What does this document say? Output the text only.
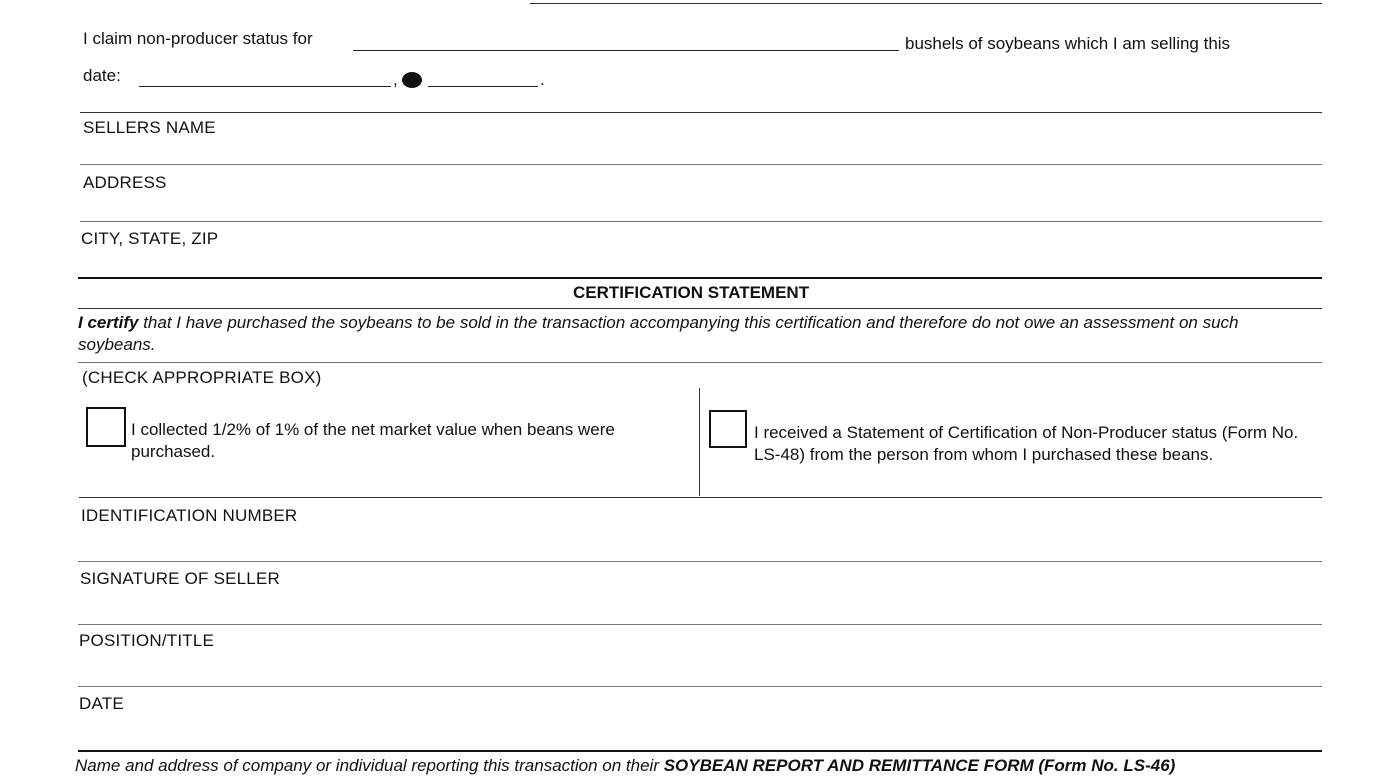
I claim non-producer status for	bushels of soybeans which I am selling this
date:	,	.
SELLERS NAME
ADDRESS
CITY, STATE, ZIP
CERTIFICATION STATEMENT
I certify that I have purchased the soybeans to be sold in the transaction accompanying this certification and therefore do not owe an assessment on such soybeans.
(CHECK APPROPRIATE BOX)
I collected 1/2% of 1% of the net market value when beans were purchased.
I received a Statement of Certification of Non-Producer status (Form No. LS-48) from the person from whom I purchased these beans.
IDENTIFICATION NUMBER
SIGNATURE OF SELLER
POSITION/TITLE
DATE
Name and address of company or individual reporting this transaction on their SOYBEAN REPORT AND REMITTANCE FORM (Form No. LS-46)
